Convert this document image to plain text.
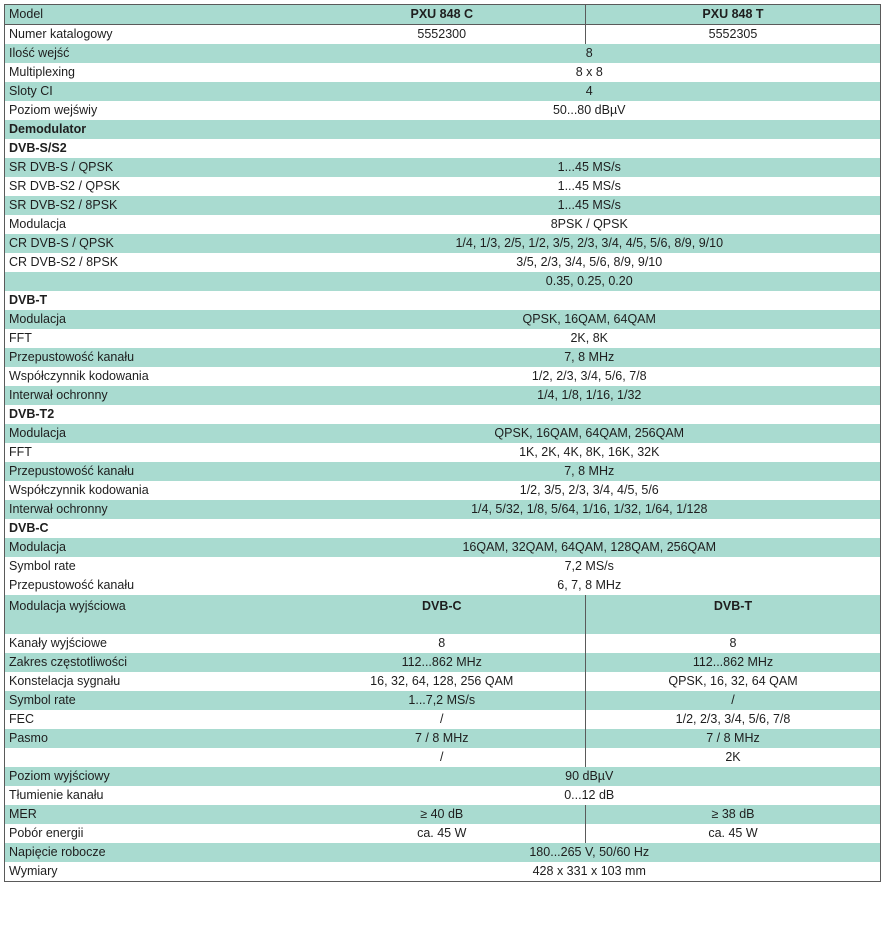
Model	PXU 848 C	PXU 848 T
Numer katalogowy	5552300	5552305
Ilość wejść	8	
Multiplexing	8 x 8	
Sloty CI	4	
Poziom wejświy	50...80 dBµV	
Demodulator		
DVB-S/S2		
SR DVB-S / QPSK	1...45 MS/s	
SR DVB-S2 / QPSK	1...45 MS/s	
SR DVB-S2 / 8PSK	1...45 MS/s	
Modulacja	8PSK / QPSK	
CR DVB-S / QPSK	1/4, 1/3, 2/5, 1/2, 3/5, 2/3, 3/4, 4/5, 5/6, 8/9, 9/10	
CR DVB-S2 / 8PSK	3/5, 2/3, 3/4, 5/6, 8/9, 9/10	
	0.35, 0.25, 0.20	
DVB-T		
Modulacja	QPSK, 16QAM, 64QAM	
FFT	2K, 8K	
Przepustowość kanału	7, 8 MHz	
Współczynnik kodowania	1/2, 2/3, 3/4, 5/6, 7/8	
Interwał ochronny	1/4, 1/8, 1/16, 1/32	
DVB-T2		
Modulacja	QPSK, 16QAM, 64QAM, 256QAM	
FFT	1K, 2K, 4K, 8K, 16K, 32K	
Przepustowość kanału	7, 8 MHz	
Współczynnik kodowania	1/2, 3/5, 2/3, 3/4, 4/5, 5/6	
Interwał ochronny	1/4, 5/32, 1/8, 5/64, 1/16, 1/32, 1/64, 1/128	
DVB-C		
Modulacja	16QAM, 32QAM, 64QAM, 128QAM, 256QAM	
Symbol rate	7,2 MS/s	
Przepustowość kanału	6, 7, 8 MHz	
Modulacja wyjściowa	DVB-C	DVB-T
Kanały wyjściowe	8	8
Zakres częstotliwości	112...862 MHz	112...862 MHz
Konstelacja sygnału	16, 32, 64, 128, 256 QAM	QPSK, 16, 32, 64 QAM
Symbol rate	1...7,2 MS/s	/
FEC	/	1/2, 2/3, 3/4, 5/6, 7/8
Pasmo	7 / 8 MHz	7 / 8 MHz
	/	2K
Poziom wyjściowy	90 dBµV	
Tłumienie kanału	0...12 dB	
MER	≥ 40 dB	≥ 38 dB
Pobór energii	ca. 45 W	ca. 45 W
Napięcie robocze	180...265 V, 50/60 Hz	
Wymiary	428 x 331 x 103 mm	
